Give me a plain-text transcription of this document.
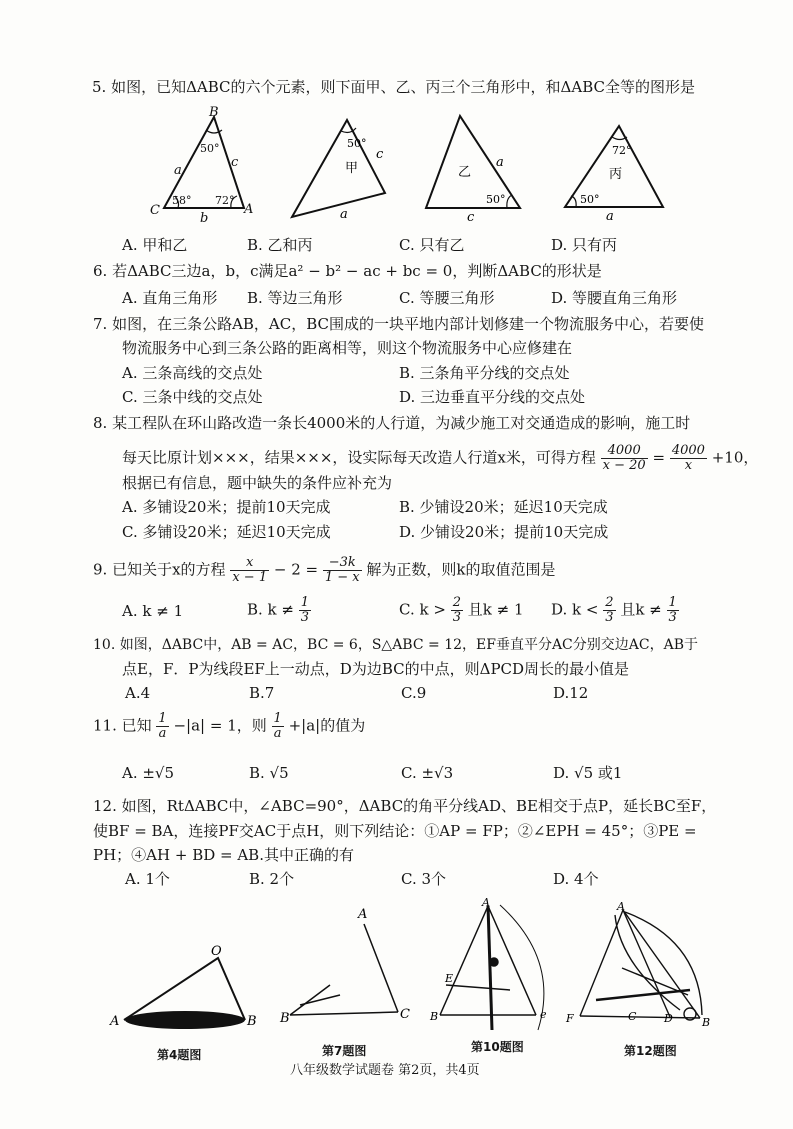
B
C	A
a
c
b
50°
58° 72°
甲
50°
c
a
乙
a
50°
c
72°
丙
50°
a
O
A	B
A
B	C
A
E
B	e
A
F	C	D	B
5. 如图，已知ΔABC的六个元素，则下面甲、乙、丙三个三角形中，和ΔABC全等的图形是
A. 甲和乙	B. 乙和丙	C. 只有乙	D. 只有丙
6. 若ΔABC三边a，b，c满足a² − b² − ac + bc = 0，判断ΔABC的形状是
A. 直角三角形 B. 等边三角形	C. 等腰三角形	D. 等腰直角三角形
7. 如图，在三条公路AB，AC，BC围成的一块平地内部计划修建一个物流服务中心，若要使
物流服务中心到三条公路的距离相等，则这个物流服务中心应修建在
A. 三条高线的交点处	B. 三条角平分线的交点处
C. 三条中线的交点处	D. 三边垂直平分线的交点处
8. 某工程队在环山路改造一条长4000米的人行道，为减少施工对交通造成的影响，施工时
每天比原计划×××，结果×××，设实际每天改造人行道x米，可得方程 $\frac{4000}{x - 20} = \frac{4000}{x} +10$，
根据已有信息，题中缺失的条件应补充为
A. 多铺设20米；提前10天完成	B. 少铺设20米；延迟10天完成
C. 多铺设20米；延迟10天完成	D. 少铺设20米；提前10天完成
9. 已知关于x的方程 $\frac{x}{x - 1} - 2 = \frac{-3k}{1 - x}$ 解为正数，则k的取值范围是
A. k ≠ 1	B. $k \ne \frac{1}{3}$	C. $k > \frac{2}{3}$ 且k ≠ 1 D. $k < \frac{2}{3}$ 且$k \ne \frac{1}{3}$
10. 如图，ΔABC中，AB = AC，BC = 6，S△ABC = 12，EF垂直平分AC分别交边AC，AB于
点E，F．P为线段EF上一动点，D为边BC的中点，则ΔPCD周长的最小值是
A.4	B.7	C.9	D.12
11. 已知 $\frac{1}{a} -|a| = 1$，则 $\frac{1}{a} +|a|$的值为
A. ±√5	B. √5	C. ±√3	D. √5 或1
12. 如图，RtΔABC中，∠ABC=90°，ΔABC的角平分线AD、BE相交于点P，延长BC至F，
使BF = BA，连接PF交AC于点H，则下列结论：①AP = FP；②∠EPH = 45°；③PE =
PH；④AH + BD = AB.其中正确的有
A. 1个	B. 2个	C. 3个	D. 4个
第4题图	第7题图	第10题图	第12题图
八年级数学试题卷 第2页，共4页
